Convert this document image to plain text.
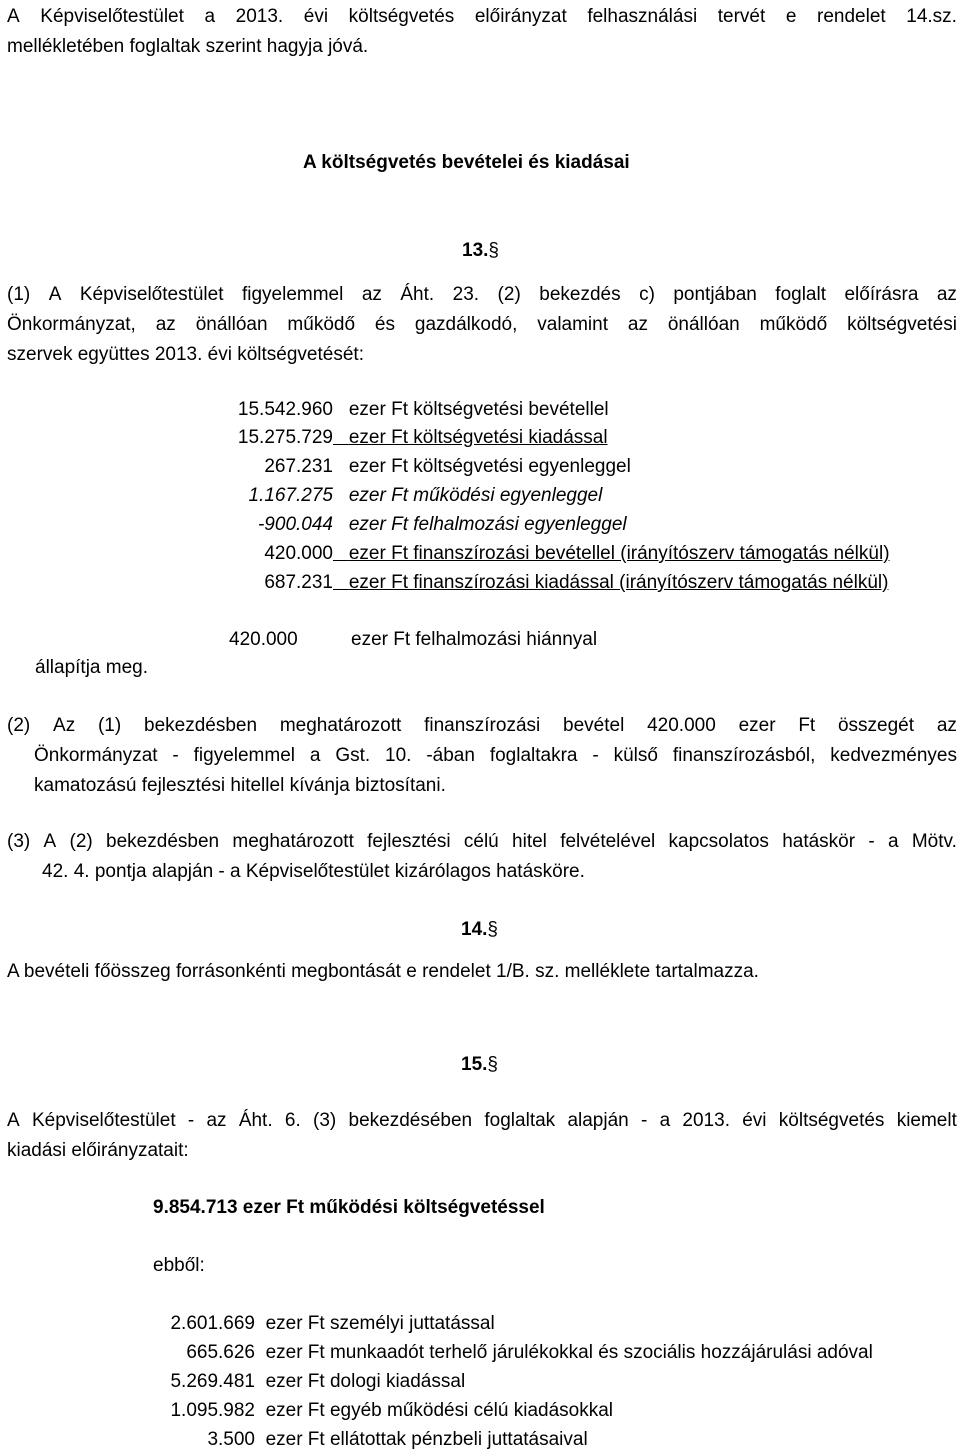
A Képviselőtestület a 2013. évi költségvetés előirányzat felhasználási tervét e rendelet 14.sz.
mellékletében foglaltak szerint hagyja jóvá.
A költségvetés bevételei és kiadásai
13.§
(1) A Képviselőtestület figyelemmel az Áht. 23. (2) bekezdés c) pontjában foglalt előírásra az
Önkormányzat, az önállóan működő és gazdálkodó, valamint az önállóan működő költségvetési
szervek együttes 2013. évi költségvetését:
15.542.960 ezer Ft költségvetési bevétellel
15.275.729 ezer Ft költségvetési kiadással
267.231 ezer Ft költségvetési egyenleggel
1.167.275 ezer Ft működési egyenleggel
-900.044 ezer Ft felhalmozási egyenleggel
420.000 ezer Ft finanszírozási bevétellel (irányítószerv támogatás nélkül)
687.231 ezer Ft finanszírozási kiadással (irányítószerv támogatás nélkül)
420.000	ezer Ft felhalmozási hiánnyal
állapítja meg.
(2) Az (1) bekezdésben meghatározott finanszírozási bevétel 420.000 ezer Ft összegét az
Önkormányzat - figyelemmel a Gst. 10. -ában foglaltakra - külső finanszírozásból, kedvezményes
kamatozású fejlesztési hitellel kívánja biztosítani.
(3) A (2) bekezdésben meghatározott fejlesztési célú hitel felvételével kapcsolatos hatáskör - a Mötv.
42. 4. pontja alapján - a Képviselőtestület kizárólagos hatásköre.
14.§
A bevételi főösszeg forrásonkénti megbontását e rendelet 1/B. sz. melléklete tartalmazza.
15.§
A Képviselőtestület - az Áht. 6. (3) bekezdésében foglaltak alapján - a 2013. évi költségvetés kiemelt
kiadási előirányzatait:
9.854.713 ezer Ft működési költségvetéssel
ebből:
2.601.669 ezer Ft személyi juttatással
665.626 ezer Ft munkaadót terhelő járulékokkal és szociális hozzájárulási adóval
5.269.481 ezer Ft dologi kiadással
1.095.982 ezer Ft egyéb működési célú kiadásokkal
3.500 ezer Ft ellátottak pénzbeli juttatásaival
